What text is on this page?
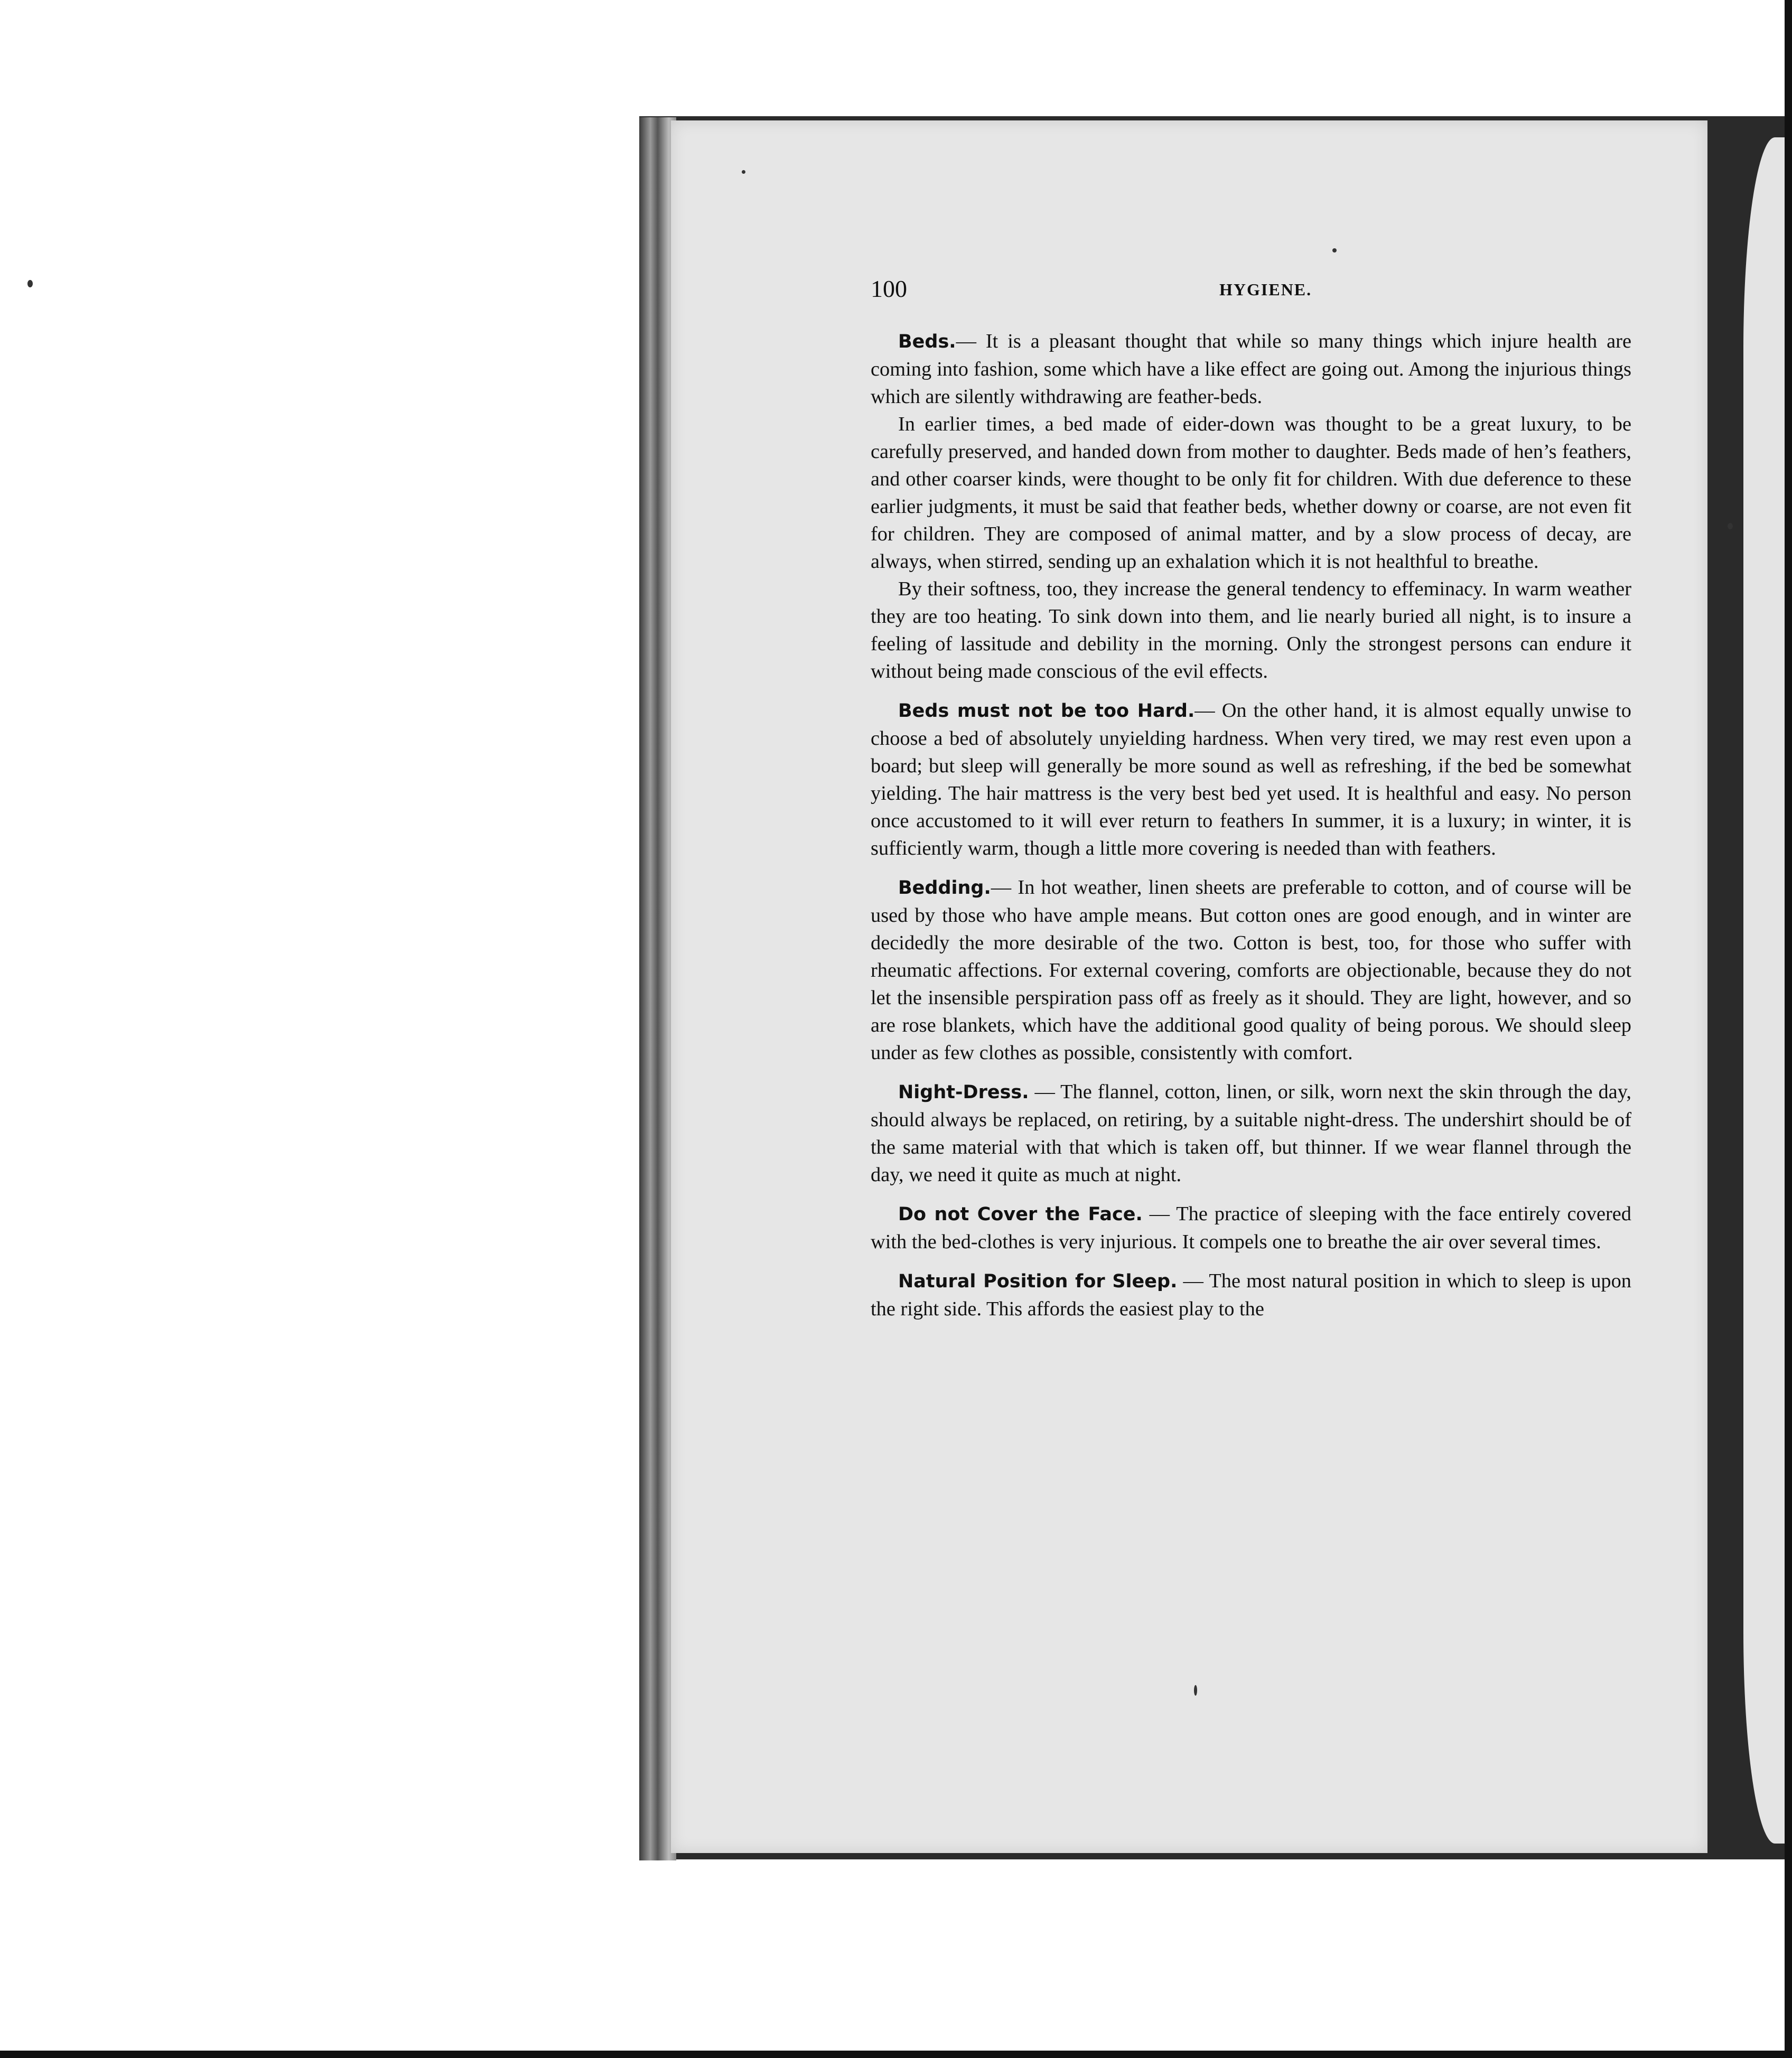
100	HYGIENE.

Beds.— It is a pleasant thought that while so many things which injure health are coming into fashion, some which have a like effect are going out. Among the injurious things which are silently withdrawing are feather-beds.

In earlier times, a bed made of eider-down was thought to be a great luxury, to be carefully preserved, and handed down from mother to daughter. Beds made of hen’s feathers, and other coarser kinds, were thought to be only fit for children. With due deference to these earlier judgments, it must be said that feather beds, whether downy or coarse, are not even fit for children. They are composed of animal matter, and by a slow process of decay, are always, when stirred, sending up an exhalation which it is not healthful to breathe.

By their softness, too, they increase the general tendency to effeminacy. In warm weather they are too heating. To sink down into them, and lie nearly buried all night, is to insure a feeling of lassitude and debility in the morning. Only the strongest persons can endure it without being made conscious of the evil effects.

Beds must not be too Hard.— On the other hand, it is almost equally unwise to choose a bed of absolutely unyielding hardness. When very tired, we may rest even upon a board; but sleep will generally be more sound as well as refreshing, if the bed be somewhat yielding. The hair mattress is the very best bed yet used. It is healthful and easy. No person once accustomed to it will ever return to feathers In summer, it is a luxury; in winter, it is sufficiently warm, though a little more covering is needed than with feathers.

Bedding.— In hot weather, linen sheets are preferable to cotton, and of course will be used by those who have ample means. But cotton ones are good enough, and in winter are decidedly the more desirable of the two. Cotton is best, too, for those who suffer with rheumatic affections. For external covering, comforts are objectionable, because they do not let the insensible perspiration pass off as freely as it should. They are light, however, and so are rose blankets, which have the additional good quality of being porous. We should sleep under as few clothes as possible, consistently with comfort.

Night-Dress. — The flannel, cotton, linen, or silk, worn next the skin through the day, should always be replaced, on retiring, by a suitable night-dress. The undershirt should be of the same material with that which is taken off, but thinner. If we wear flannel through the day, we need it quite as much at night.

Do not Cover the Face. — The practice of sleeping with the face entirely covered with the bed-clothes is very injurious. It compels one to breathe the air over several times.

Natural Position for Sleep. — The most natural position in which to sleep is upon the right side. This affords the easiest play to the
